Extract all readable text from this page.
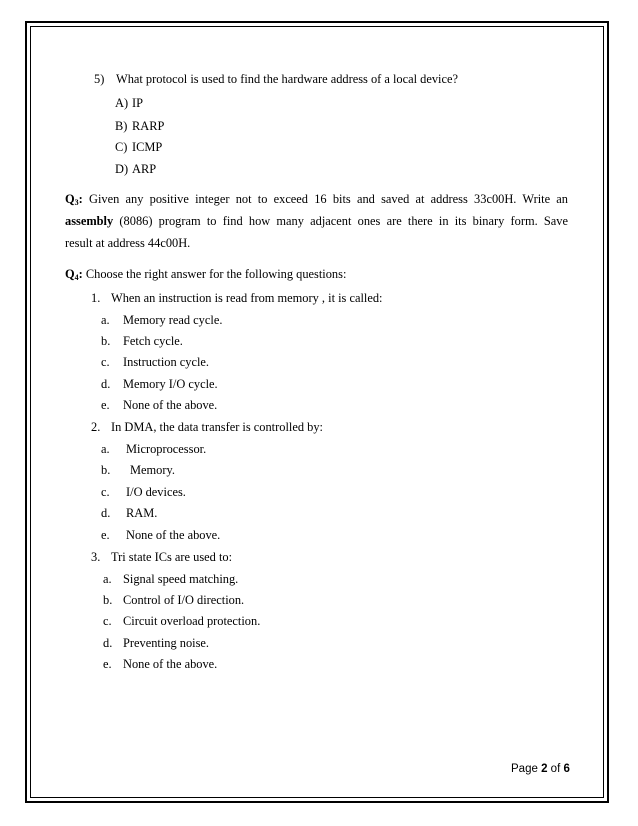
5) What protocol is used to find the hardware address of a local device?
A) IP
B) RARP
C) ICMP
D) ARP
$Q_3$: Given any positive integer not to exceed 16 bits and saved at address 33c00H. Write an
assembly (8086) program to find how many adjacent ones are there in its binary form. Save
result at address 44c00H.
$Q_4$: Choose the right answer for the following questions:
1. When an instruction is read from memory , it is called:
a. Memory read cycle.
b. Fetch cycle.
c. Instruction cycle.
d. Memory I/O cycle.
e. None of the above.
2. In DMA, the data transfer is controlled by:
a. Microprocessor.
b. Memory.
c. I/O devices.
d. RAM.
e. None of the above.
3. Tri state ICs are used to:
a. Signal speed matching.
b. Control of I/O direction.
c. Circuit overload protection.
d. Preventing noise.
e. None of the above.
Page 2 of 6
